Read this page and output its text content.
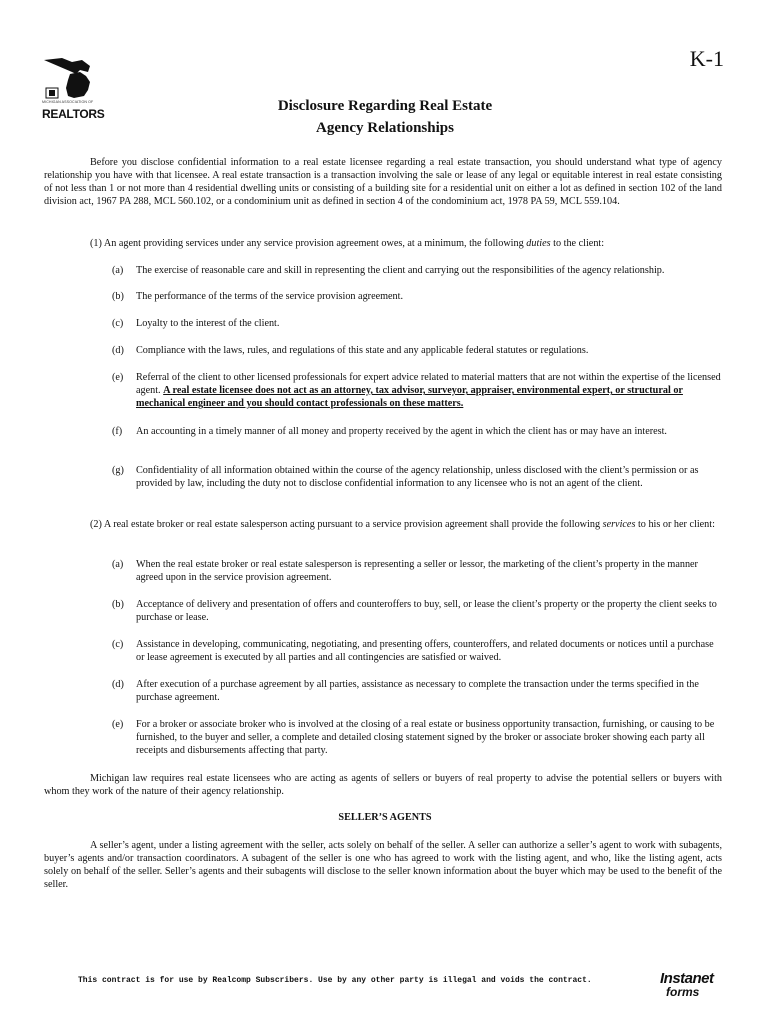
K-1
MICHIGAN ASSOCIATION OF
REALTORS	Disclosure Regarding Real Estate
Agency Relationships

Before you disclose confidential information to a real estate licensee regarding a real estate transaction, you should understand what type of agency relationship you have with that licensee. A real estate transaction is a transaction involving the sale or lease of any legal or equitable interest in real estate consisting of not less than 1 or not more than 4 residential dwelling units or consisting of a building site for a residential unit on either a lot as defined in section 102 of the land division act, 1967 PA 288, MCL 560.102, or a condominium unit as defined in section 4 of the condominium act, 1978 PA 59, MCL 559.104.

(1) An agent providing services under any service provision agreement owes, at a minimum, the following duties to the client:

(a)	The exercise of reasonable care and skill in representing the client and carrying out the responsibilities of the agency relationship.
(b)	The performance of the terms of the service provision agreement.
(c)	Loyalty to the interest of the client.
(d)	Compliance with the laws, rules, and regulations of this state and any applicable federal statutes or regulations.
(e)	Referral of the client to other licensed professionals for expert advice related to material matters that are not within the expertise of the licensed agent. A real estate licensee does not act as an attorney, tax advisor, surveyor, appraiser, environmental expert, or structural or mechanical engineer and you should contact professionals on these matters.
(f)	An accounting in a timely manner of all money and property received by the agent in which the client has or may have an interest.
(g)	Confidentiality of all information obtained within the course of the agency relationship, unless disclosed with the client’s permission or as provided by law, including the duty not to disclose confidential information to any licensee who is not an agent of the client.

(2) A real estate broker or real estate salesperson acting pursuant to a service provision agreement shall provide the following services to his or her client:

(a)	When the real estate broker or real estate salesperson is representing a seller or lessor, the marketing of the client’s property in the manner agreed upon in the service provision agreement.
(b)	Acceptance of delivery and presentation of offers and counteroffers to buy, sell, or lease the client’s property or the property the client seeks to purchase or lease.
(c)	Assistance in developing, communicating, negotiating, and presenting offers, counteroffers, and related documents or notices until a purchase or lease agreement is executed by all parties and all contingencies are satisfied or waived.
(d)	After execution of a purchase agreement by all parties, assistance as necessary to complete the transaction under the terms specified in the purchase agreement.
(e)	For a broker or associate broker who is involved at the closing of a real estate or business opportunity transaction, furnishing, or causing to be furnished, to the buyer and seller, a complete and detailed closing statement signed by the broker or associate broker showing each party all receipts and disbursements affecting that party.

Michigan law requires real estate licensees who are acting as agents of sellers or buyers of real property to advise the potential sellers or buyers with whom they work of the nature of their agency relationship.

SELLER’S AGENTS

A seller’s agent, under a listing agreement with the seller, acts solely on behalf of the seller. A seller can authorize a seller’s agent to work with subagents, buyer’s agents and/or transaction coordinators. A subagent of the seller is one who has agreed to work with the listing agent, and who, like the listing agent, acts solely on behalf of the seller. Seller’s agents and their subagents will disclose to the seller known information about the buyer which may be used to the benefit of the seller.

This contract is for use by Realcomp Subscribers. Use by any other party is illegal and voids the contract.	Instanet
forms
